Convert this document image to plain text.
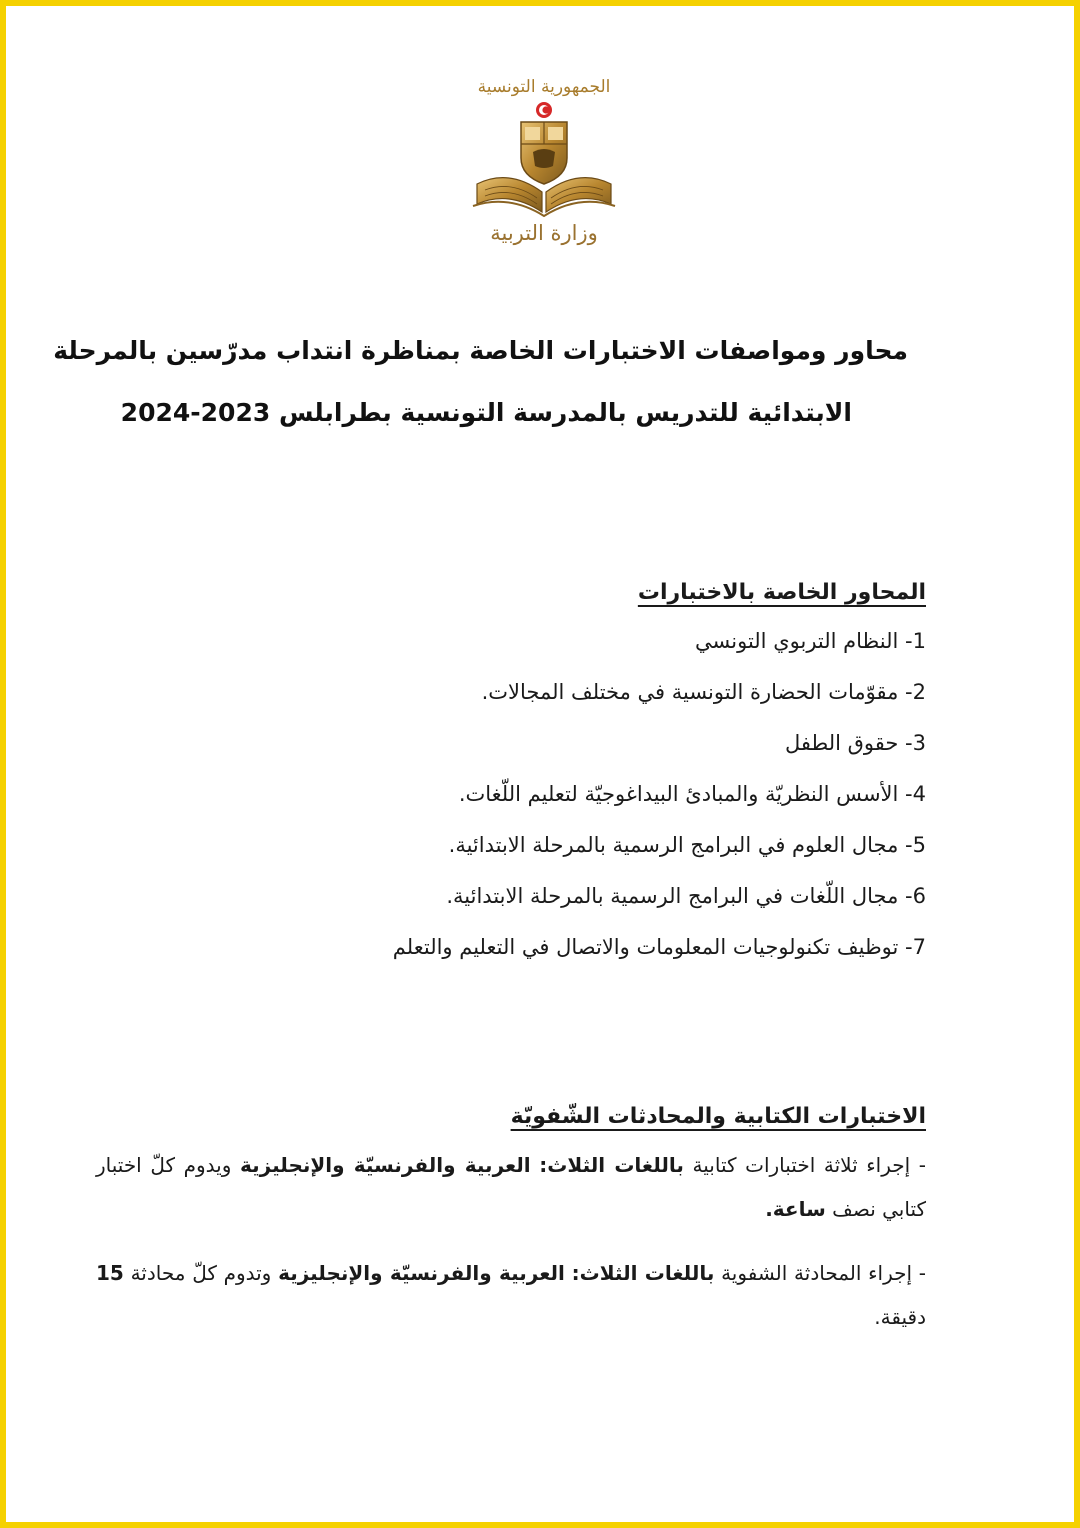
الجمهورية التونسية
وزارة التربية
محاور ومواصفات الاختبارات الخاصة بمناظرة انتداب مدرّسين بالمرحلة
الابتدائية للتدريس بالمدرسة التونسية بطرابلس 2023-2024
المحاور الخاصة بالاختبارات
1- النظام التربوي التونسي
2- مقوّمات الحضارة التونسية في مختلف المجالات.
3- حقوق الطفل
4- الأسس النظريّة والمبادئ البيداغوجيّة لتعليم اللّغات.
5- مجال العلوم في البرامج الرسمية بالمرحلة الابتدائية.
6- مجال اللّغات في البرامج الرسمية بالمرحلة الابتدائية.
7- توظيف تكنولوجيات المعلومات والاتصال في التعليم والتعلم
الاختبارات الكتابية والمحادثات الشّفويّة

- إجراء ثلاثة اختبارات كتابية باللغات الثلاث: العربية والفرنسيّة والإنجليزية ويدوم كلّ اختبار كتابي نصف ساعة.

- إجراء المحادثة الشفوية باللغات الثلاث: العربية والفرنسيّة والإنجليزية وتدوم كلّ محادثة 15 دقيقة.
